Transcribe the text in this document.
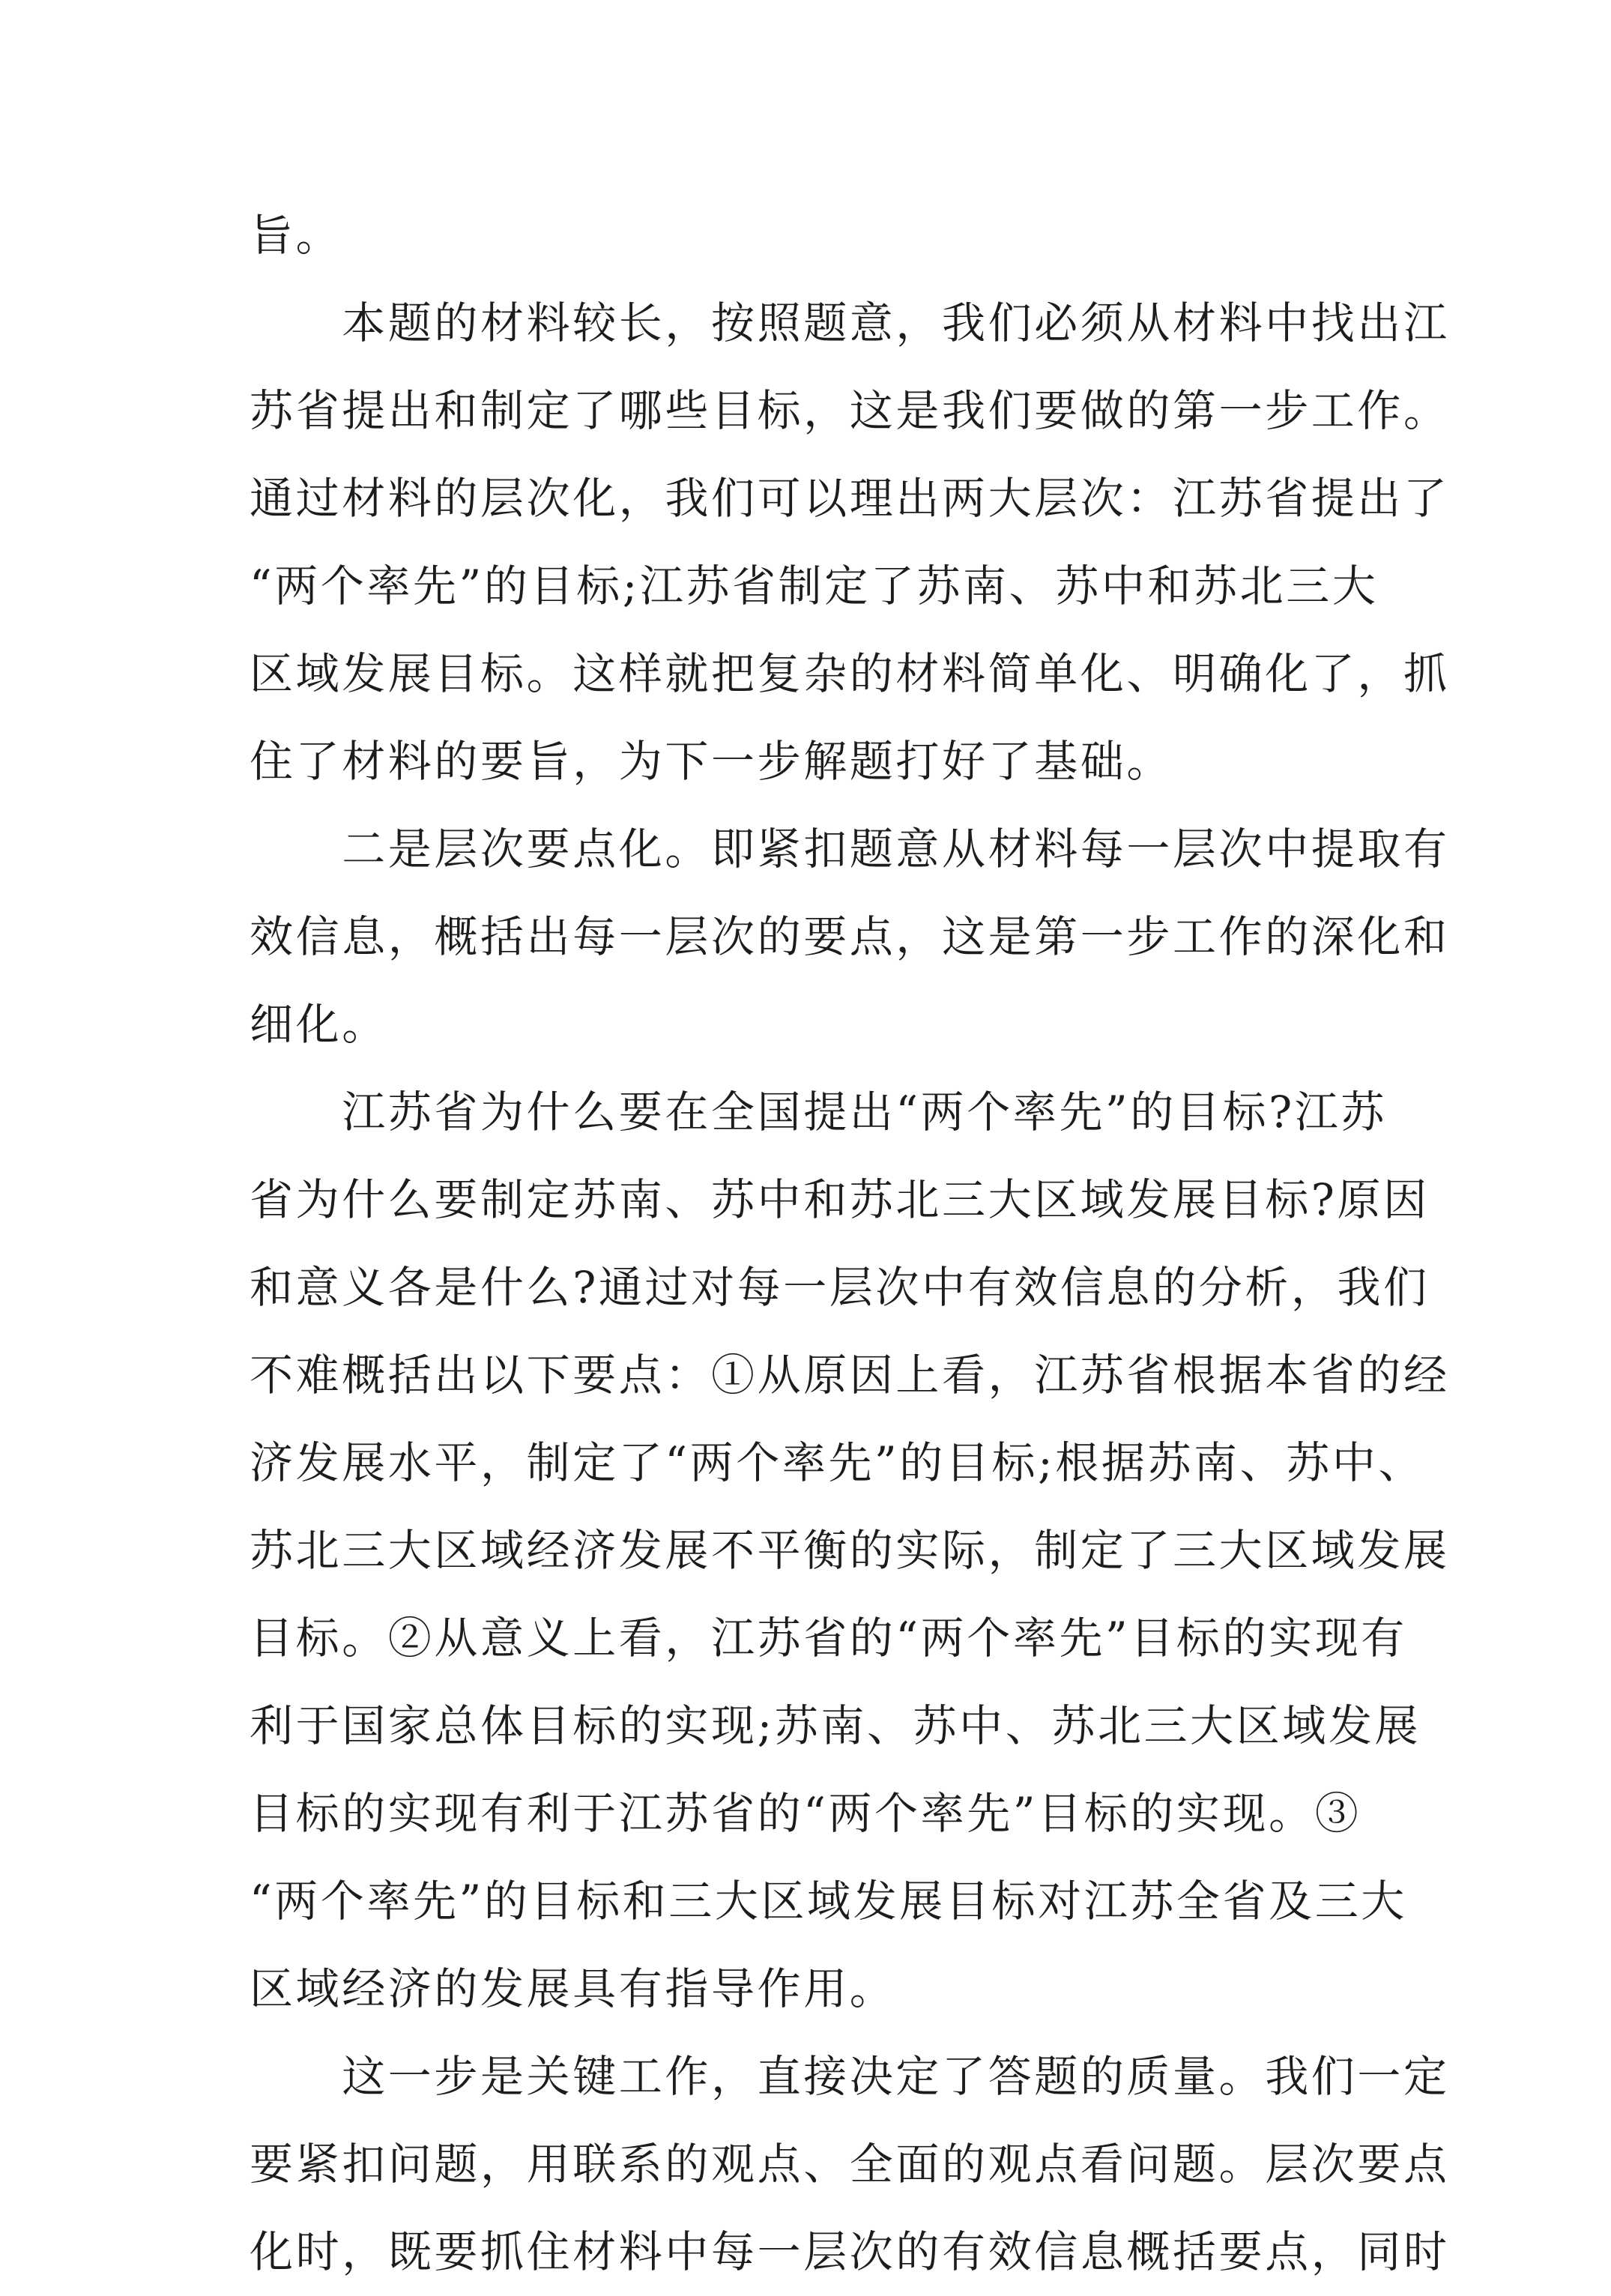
旨。
　　本题的材料较长，按照题意，我们必须从材料中找出江
苏省提出和制定了哪些目标，这是我们要做的第一步工作。
通过材料的层次化，我们可以理出两大层次：江苏省提出了
“两个率先”的目标;江苏省制定了苏南、苏中和苏北三大
区域发展目标。这样就把复杂的材料简单化、明确化了，抓
住了材料的要旨，为下一步解题打好了基础。
　　二是层次要点化。即紧扣题意从材料每一层次中提取有
效信息，概括出每一层次的要点，这是第一步工作的深化和
细化。
　　江苏省为什么要在全国提出“两个率先”的目标?江苏
省为什么要制定苏南、苏中和苏北三大区域发展目标?原因
和意义各是什么?通过对每一层次中有效信息的分析，我们
不难概括出以下要点：①从原因上看，江苏省根据本省的经
济发展水平，制定了“两个率先”的目标;根据苏南、苏中、
苏北三大区域经济发展不平衡的实际，制定了三大区域发展
目标。②从意义上看，江苏省的“两个率先”目标的实现有
利于国家总体目标的实现;苏南、苏中、苏北三大区域发展
目标的实现有利于江苏省的“两个率先”目标的实现。③
“两个率先”的目标和三大区域发展目标对江苏全省及三大
区域经济的发展具有指导作用。
　　这一步是关键工作，直接决定了答题的质量。我们一定
要紧扣问题，用联系的观点、全面的观点看问题。层次要点
化时，既要抓住材料中每一层次的有效信息概括要点，同时
